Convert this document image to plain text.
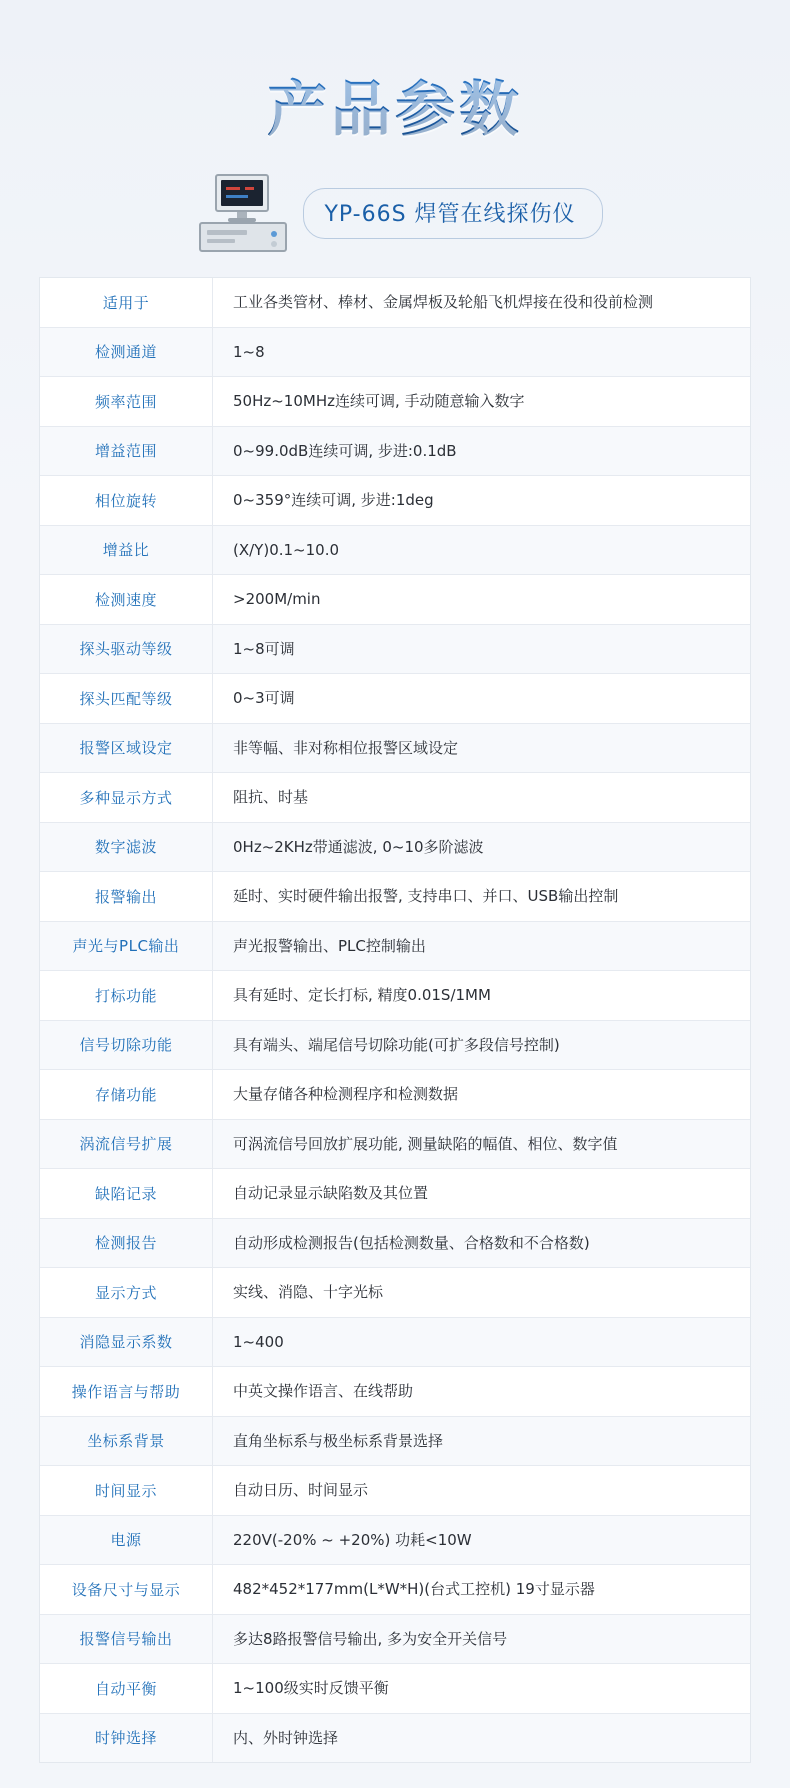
产品参数
YP-66S 焊管在线探伤仪
适用于	工业各类管材、棒材、金属焊板及轮船飞机焊接在役和役前检测
检测通道	1~8
频率范围	50Hz~10MHz连续可调, 手动随意输入数字
增益范围	0~99.0dB连续可调, 步进:0.1dB
相位旋转	0~359°连续可调, 步进:1deg
增益比	(X/Y)0.1~10.0
检测速度	>200M/min
探头驱动等级	1~8可调
探头匹配等级	0~3可调
报警区域设定	非等幅、非对称相位报警区域设定
多种显示方式	阻抗、时基
数字滤波	0Hz~2KHz带通滤波, 0~10多阶滤波
报警输出	延时、实时硬件输出报警, 支持串口、并口、USB输出控制
声光与PLC输出	声光报警输出、PLC控制输出
打标功能	具有延时、定长打标, 精度0.01S/1MM
信号切除功能	具有端头、端尾信号切除功能(可扩多段信号控制)
存储功能	大量存储各种检测程序和检测数据
涡流信号扩展	可涡流信号回放扩展功能, 测量缺陷的幅值、相位、数字值
缺陷记录	自动记录显示缺陷数及其位置
检测报告	自动形成检测报告(包括检测数量、合格数和不合格数)
显示方式	实线、消隐、十字光标
消隐显示系数	1~400
操作语言与帮助	中英文操作语言、在线帮助
坐标系背景	直角坐标系与极坐标系背景选择
时间显示	自动日历、时间显示
电源	220V(-20% ~ +20%) 功耗<10W
设备尺寸与显示	482*452*177mm(L*W*H)(台式工控机) 19寸显示器
报警信号输出	多达8路报警信号输出, 多为安全开关信号
自动平衡	1~100级实时反馈平衡
时钟选择	内、外时钟选择
